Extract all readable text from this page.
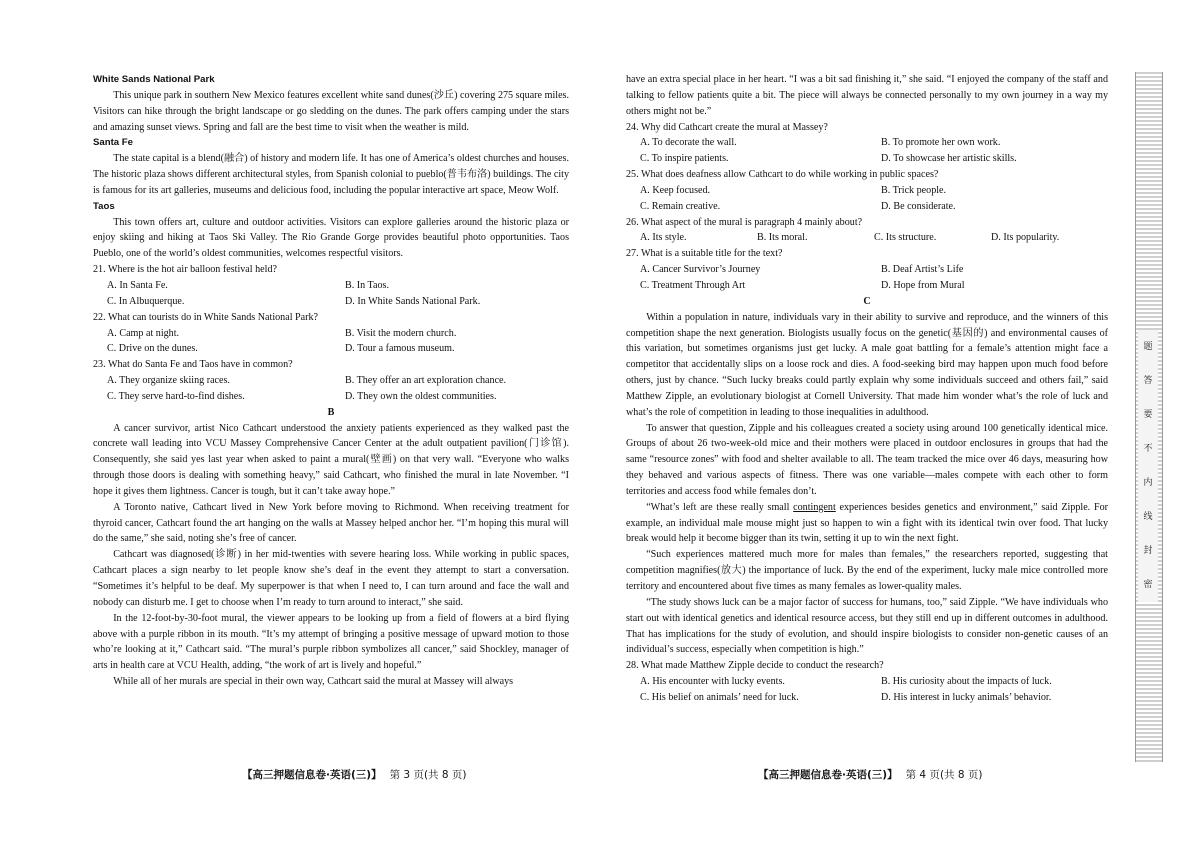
White Sands National Park

This unique park in southern New Mexico features excellent white sand dunes(沙丘) covering 275 square miles. Visitors can hike through the bright landscape or go sledding on the dunes. The park offers camping under the stars and amazing sunset views. Spring and fall are the best time to visit when the weather is mild.

Santa Fe

The state capital is a blend(融合) of history and modern life. It has one of America’s oldest churches and houses. The historic plaza shows different architectural styles, from Spanish colonial to pueblo(普韦布洛) buildings. The city is famous for its art galleries, museums and delicious food, including the popular interactive art space, Meow Wolf.

Taos

This town offers art, culture and outdoor activities. Visitors can explore galleries around the historic plaza or enjoy skiing and hiking at Taos Ski Valley. The Rio Grande Gorge provides beautiful photo opportunities. Taos Pueblo, one of the world’s oldest communities, welcomes respectful visitors.

21. Where is the hot air balloon festival held?

A. In Santa Fe.	B. In Taos.
C. In Albuquerque.	D. In White Sands National Park.

22. What can tourists do in White Sands National Park?

A. Camp at night.	B. Visit the modern church.
C. Drive on the dunes.	D. Tour a famous museum.

23. What do Santa Fe and Taos have in common?

A. They organize skiing races.	B. They offer an art exploration chance.
C. They serve hard-to-find dishes.	D. They own the oldest communities.

B

A cancer survivor, artist Nico Cathcart understood the anxiety patients experienced as they walked past the concrete wall leading into VCU Massey Comprehensive Cancer Center at the adult outpatient pavilion(门诊馆). Consequently, she said yes last year when asked to paint a mural(壁画) on that very wall. “Everyone who walks through those doors is dealing with something heavy,” said Cathcart, who finished the mural in late November. “I hope it gives them lightness. Cancer is tough, but it can’t take away hope.”

A Toronto native, Cathcart lived in New York before moving to Richmond. When receiving treatment for thyroid cancer, Cathcart found the art hanging on the walls at Massey helped anchor her. “I’m hoping this mural will do the same,” she said, noting she’s free of cancer.

Cathcart was diagnosed(诊断) in her mid-twenties with severe hearing loss. While working in public spaces, Cathcart places a sign nearby to let people know she’s deaf in the event they attempt to start a conversation. “Sometimes it’s helpful to be deaf. My superpower is that when I need to, I can turn around and face the wall and nobody can disturb me. I get to choose when I’m ready to turn around to interact,” she said.

In the 12-foot-by-30-foot mural, the viewer appears to be looking up from a field of flowers at a bird flying above with a purple ribbon in its mouth. “It’s my attempt of bringing a positive message of upward motion to those who’re looking at it,” Cathcart said. “The mural’s purple ribbon symbolizes all cancer,” said Shockley, manager of arts in health care at VCU Health, adding, “the work of art is lively and hopeful.”

While all of her murals are special in their own way, Cathcart said the mural at Massey will always

have an extra special place in her heart. “I was a bit sad finishing it,” she said. “I enjoyed the company of the staff and talking to fellow patients quite a bit. The piece will always be connected personally to my own journey in a way my others might not be.”

24. Why did Cathcart create the mural at Massey?

A. To decorate the wall.	B. To promote her own work.
C. To inspire patients.	D. To showcase her artistic skills.

25. What does deafness allow Cathcart to do while working in public spaces?

A. Keep focused.	B. Trick people.
C. Remain creative.	D. Be considerate.

26. What aspect of the mural is paragraph 4 mainly about?

A. Its style.	B. Its moral.	C. Its structure.	D. Its popularity.

27. What is a suitable title for the text?

A. Cancer Survivor’s Journey	B. Deaf Artist’s Life
C. Treatment Through Art	D. Hope from Mural

C

Within a population in nature, individuals vary in their ability to survive and reproduce, and the winners of this competition shape the next generation. Biologists usually focus on the genetic(基因的) and environmental causes of this variation, but sometimes organisms just get lucky. A male goat battling for a female’s attention might face a competitor that accidentally slips on a loose rock and dies. A food-seeking bird may happen upon much food before others, just by chance. “Such lucky breaks could partly explain why some individuals succeed and others fail,” said Matthew Zipple, an evolutionary biologist at Cornell University. That made him wonder what’s the role of luck and what’s the role of competition in leading to those inequalities in adulthood.

To answer that question, Zipple and his colleagues created a society using around 100 genetically identical mice. Groups of about 26 two-week-old mice and their mothers were placed in outdoor enclosures in groups that had the same “resource zones” with food and shelter available to all. The team tracked the mice over 46 days, measuring how they behaved and various aspects of fitness. There was one variable—males compete with each other to form territories and access food while females don’t.

“What’s left are these really small contingent experiences besides genetics and environment,” said Zipple. For example, an individual male mouse might just so happen to win a fight with its identical twin over food. That lucky break would help it become bigger than its twin, setting it up to win the next fight.

“Such experiences mattered much more for males than females,” the researchers reported, suggesting that competition magnifies(放大) the importance of luck. By the end of the experiment, lucky male mice controlled more territory and encountered about five times as many females as lower-quality males.

“The study shows luck can be a major factor of success for humans, too,” said Zipple. “We have individuals who start out with identical genetics and identical resource access, but they still end up in different outcomes in adulthood. That has implications for the study of evolution, and should inspire biologists to consider non-genetic causes of an individual’s success, especially when competition is high.”

28. What made Matthew Zipple decide to conduct the research?

A. His encounter with lucky events.	B. His curiosity about the impacts of luck.
C. His belief on animals’ need for luck.	D. His interest in lucky animals’ behavior.
【高三押题信息卷·英语(三)】 第 3 页(共 8 页)	【高三押题信息卷·英语(三)】 第 4 页(共 8 页)
题 答 要 不 内 线 封 密
